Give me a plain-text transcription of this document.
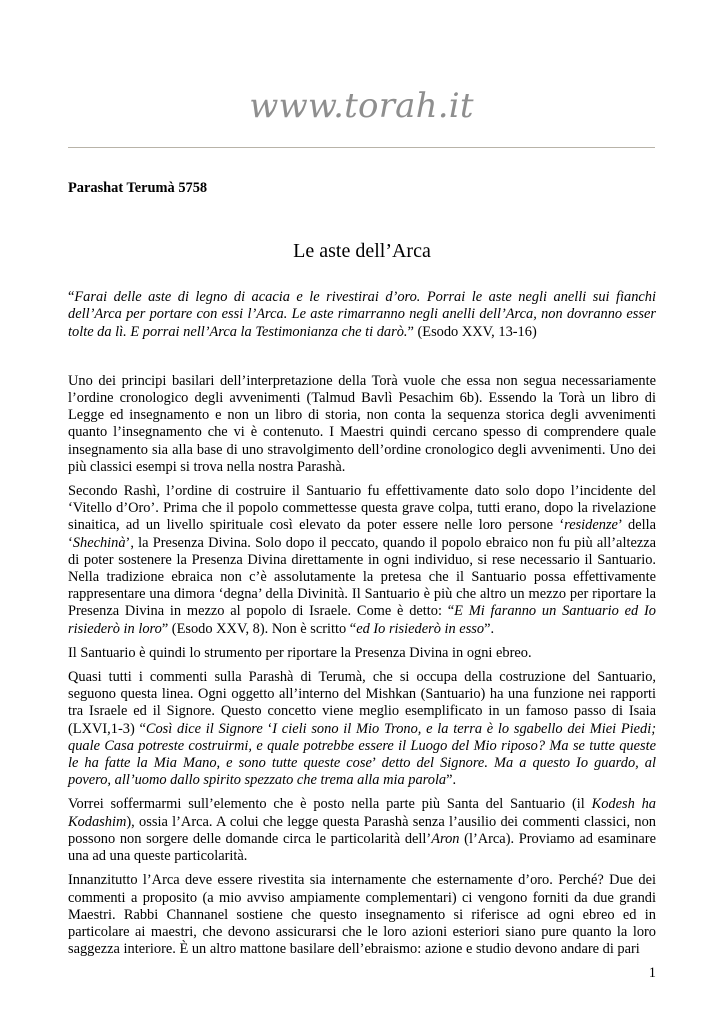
www.torah.it

Parashat Terumà 5758

Le aste dell’Arca

“Farai delle aste di legno di acacia e le rivestirai d’oro. Porrai le aste negli anelli sui fianchi dell’Arca per portare con essi l’Arca. Le aste rimarranno negli anelli dell’Arca, non dovranno esser tolte da lì. E porrai nell’Arca la Testimonianza che ti darò.” (Esodo XXV, 13-16)

Uno dei principi basilari dell’interpretazione della Torà vuole che essa non segua necessariamente l’ordine cronologico degli avvenimenti (Talmud Bavlì Pesachim 6b). Essendo la Torà un libro di Legge ed insegnamento e non un libro di storia, non conta la sequenza storica degli avvenimenti quanto l’insegnamento che vi è contenuto. I Maestri quindi cercano spesso di comprendere quale insegnamento sia alla base di uno stravolgimento dell’ordine cronologico degli avvenimenti. Uno dei più classici esempi si trova nella nostra Parashà.

Secondo Rashì, l’ordine di costruire il Santuario fu effettivamente dato solo dopo l’incidente del ‘Vitello d’Oro’. Prima che il popolo commettesse questa grave colpa, tutti erano, dopo la rivelazione sinaitica, ad un livello spirituale così elevato da poter essere nelle loro persone ‘residenze’ della ‘Shechinà’, la Presenza Divina. Solo dopo il peccato, quando il popolo ebraico non fu più all’altezza di poter sostenere la Presenza Divina direttamente in ogni individuo, si rese necessario il Santuario. Nella tradizione ebraica non c’è assolutamente la pretesa che il Santuario possa effettivamente rappresentare una dimora ‘degna’ della Divinità. Il Santuario è più che altro un mezzo per riportare la Presenza Divina in mezzo al popolo di Israele. Come è detto: “E Mi faranno un Santuario ed Io risiederò in loro” (Esodo XXV, 8). Non è scritto “ed Io risiederò in esso”.

Il Santuario è quindi lo strumento per riportare la Presenza Divina in ogni ebreo.

Quasi tutti i commenti sulla Parashà di Terumà, che si occupa della costruzione del Santuario, seguono questa linea. Ogni oggetto all’interno del Mishkan (Santuario) ha una funzione nei rapporti tra Israele ed il Signore. Questo concetto viene meglio esemplificato in un famoso passo di Isaia (LXVI,1-3) “Così dice il Signore ‘I cieli sono il Mio Trono, e la terra è lo sgabello dei Miei Piedi; quale Casa potreste costruirmi, e quale potrebbe essere il Luogo del Mio riposo? Ma se tutte queste le ha fatte la Mia Mano, e sono tutte queste cose’ detto del Signore. Ma a questo Io guardo, al povero, all’uomo dallo spirito spezzato che trema alla mia parola”.

Vorrei soffermarmi sull’elemento che è posto nella parte più Santa del Santuario (il Kodesh ha Kodashim), ossia l’Arca. A colui che legge questa Parashà senza l’ausilio dei commenti classici, non possono non sorgere delle domande circa le particolarità dell’Aron (l’Arca). Proviamo ad esaminare una ad una queste particolarità.

Innanzitutto l’Arca deve essere rivestita sia internamente che esternamente d’oro. Perché? Due dei commenti a proposito (a mio avviso ampiamente complementari) ci vengono forniti da due grandi Maestri. Rabbi Channanel sostiene che questo insegnamento si riferisce ad ogni ebreo ed in particolare ai maestri, che devono assicurarsi che le loro azioni esteriori siano pure quanto la loro saggezza interiore. È un altro mattone basilare dell’ebraismo: azione e studio devono andare di pari

1
